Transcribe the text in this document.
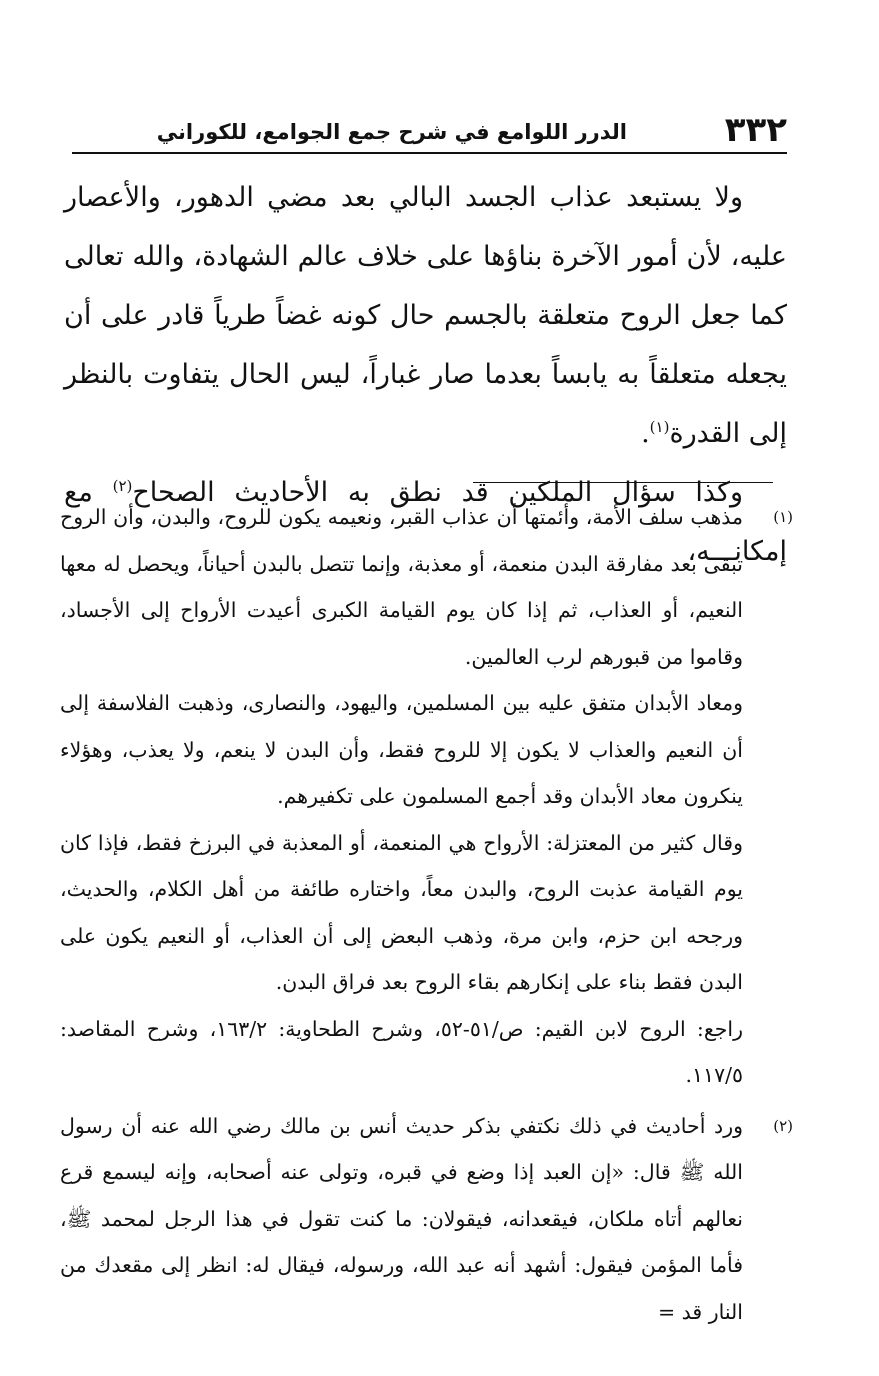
٣٣٢
الدرر اللوامع في شرح جمع الجوامع، للكوراني

ولا يستبعد عذاب الجسد البالي بعد مضي الدهور، والأعصار عليه، لأن أمور الآخرة بناؤها على خلاف عالم الشهادة، والله تعالى كما جعل الروح متعلقة بالجسم حال كونه غضاً طرياً قادر على أن يجعله متعلقاً به يابساً بعدما صار غباراً، ليس الحال يتفاوت بالنظر إلى القدرة$^{(١)}$.

وكذا سؤال الملكين قد نطق به الأحاديث الصحاح$^{(٢)}$ مع إمكانـــه،

(١)

مذهب سلف الأمة، وأئمتها أن عذاب القبر، ونعيمه يكون للروح، والبدن، وأن الروح تبقى بعد مفارقة البدن منعمة، أو معذبة، وإنما تتصل بالبدن أحياناً، ويحصل له معها النعيم، أو العذاب، ثم إذا كان يوم القيامة الكبرى أعيدت الأرواح إلى الأجساد، وقاموا من قبورهم لرب العالمين.

ومعاد الأبدان متفق عليه بين المسلمين، واليهود، والنصارى، وذهبت الفلاسفة إلى أن النعيم والعذاب لا يكون إلا للروح فقط، وأن البدن لا ينعم، ولا يعذب، وهؤلاء ينكرون معاد الأبدان وقد أجمع المسلمون على تكفيرهم.

وقال كثير من المعتزلة: الأرواح هي المنعمة، أو المعذبة في البرزخ فقط، فإذا كان يوم القيامة عذبت الروح، والبدن معاً، واختاره طائفة من أهل الكلام، والحديث، ورجحه ابن حزم، وابن مرة، وذهب البعض إلى أن العذاب، أو النعيم يكون على البدن فقط بناء على إنكارهم بقاء الروح بعد فراق البدن.

راجع: الروح لابن القيم: ص/٥١-٥٢، وشرح الطحاوية: ١٦٣/٢، وشرح المقاصد: ١١٧/٥.

(٢)

ورد أحاديث في ذلك نكتفي بذكر حديث أنس بن مالك رضي الله عنه أن رسول الله ﷺ قال: «إن العبد إذا وضع في قبره، وتولى عنه أصحابه، وإنه ليسمع قرع نعالهم أتاه ملكان، فيقعدانه، فيقولان: ما كنت تقول في هذا الرجل لمحمد ﷺ، فأما المؤمن فيقول: أشهد أنه عبد الله، ورسوله، فيقال له: انظر إلى مقعدك من النار قد =
